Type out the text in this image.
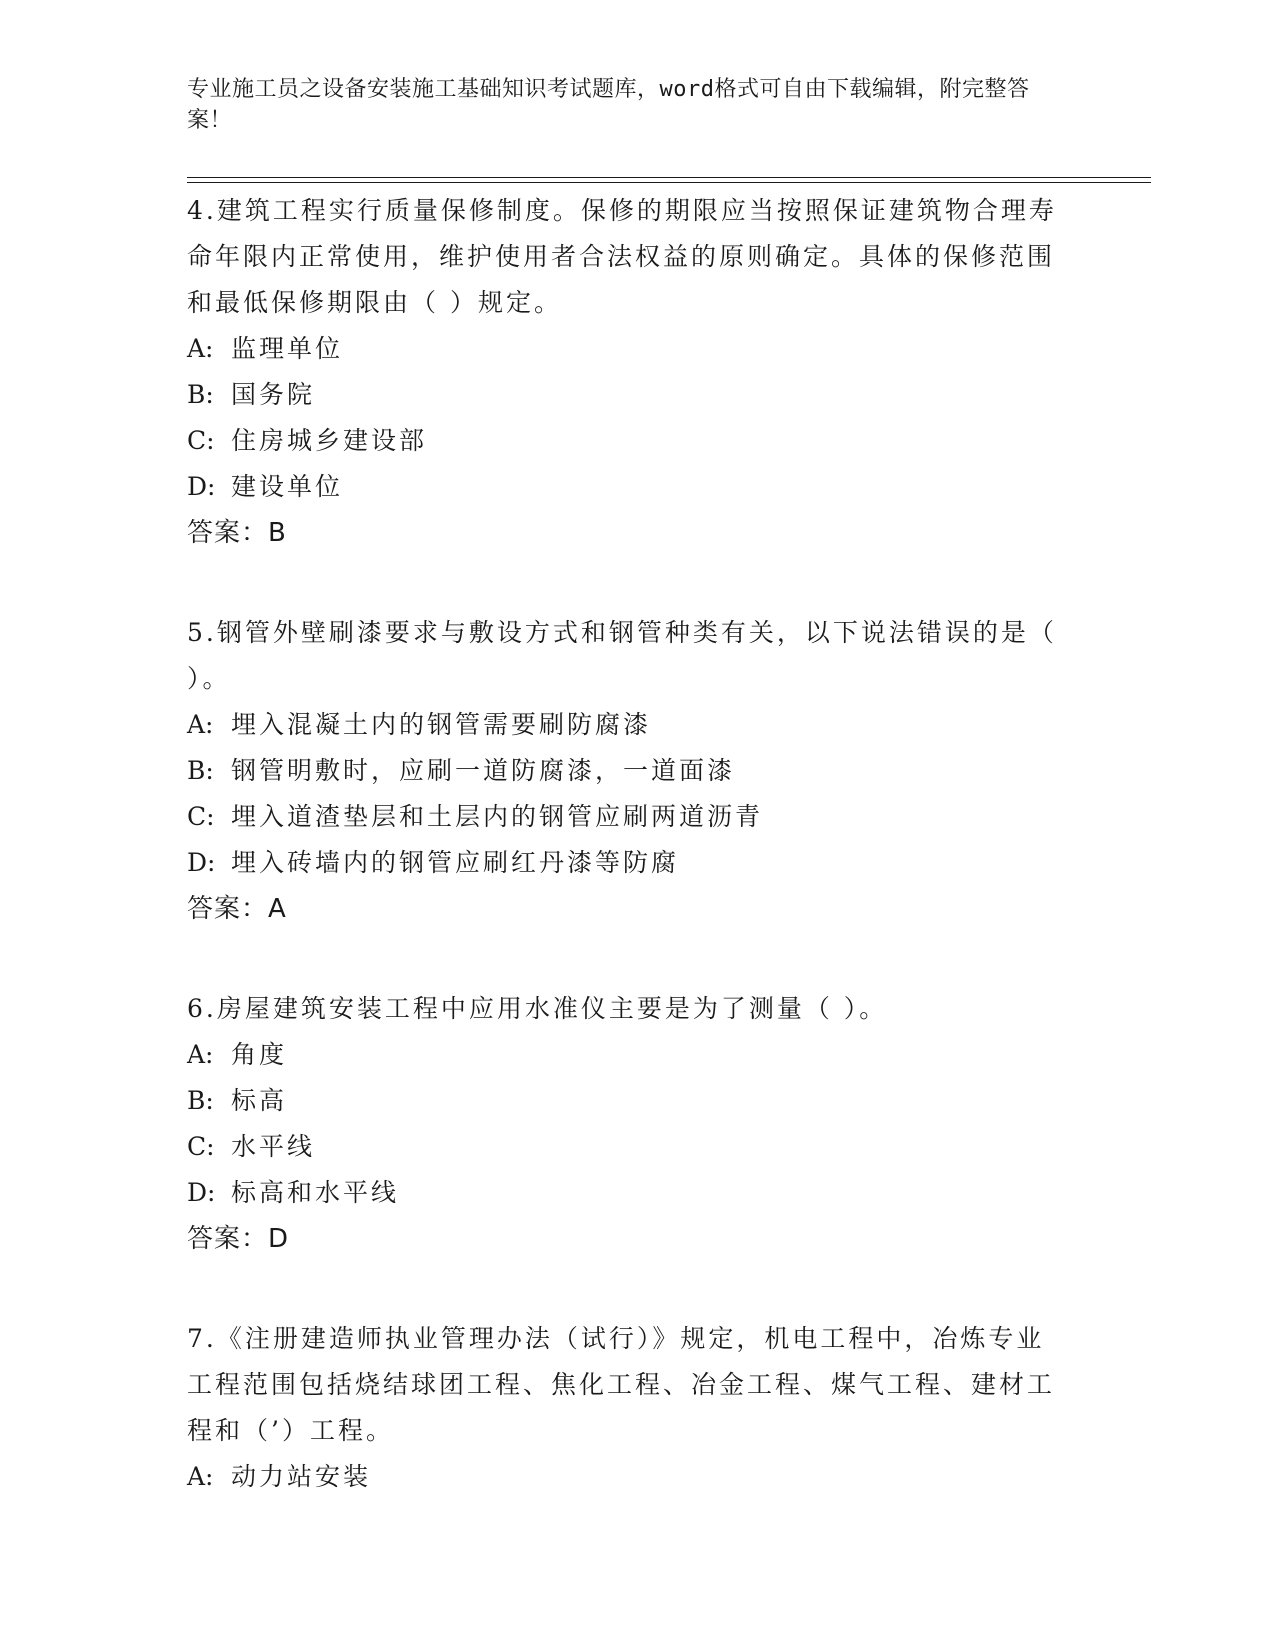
专业施工员之设备安装施工基础知识考试题库，word格式可自由下载编辑，附完整答案！

4.建筑工程实行质量保修制度。保修的期限应当按照保证建筑物合理寿命年限内正常使用，维护使用者合法权益的原则确定。具体的保修范围和最低保修期限由（ ）规定。

A: 监理单位

B: 国务院

C: 住房城乡建设部

D: 建设单位

答案：B

5.钢管外壁刷漆要求与敷设方式和钢管种类有关，以下说法错误的是（ ）。

A: 埋入混凝土内的钢管需要刷防腐漆

B: 钢管明敷时，应刷一道防腐漆，一道面漆

C: 埋入道渣垫层和土层内的钢管应刷两道沥青

D: 埋入砖墙内的钢管应刷红丹漆等防腐

答案：A

6.房屋建筑安装工程中应用水准仪主要是为了测量（ ）。

A: 角度

B: 标高

C: 水平线

D: 标高和水平线

答案：D

7.《注册建造师执业管理办法（试行）》规定，机电工程中，冶炼专业工程范围包括烧结球团工程、焦化工程、冶金工程、煤气工程、建材工程和（’）工程。

A: 动力站安装
